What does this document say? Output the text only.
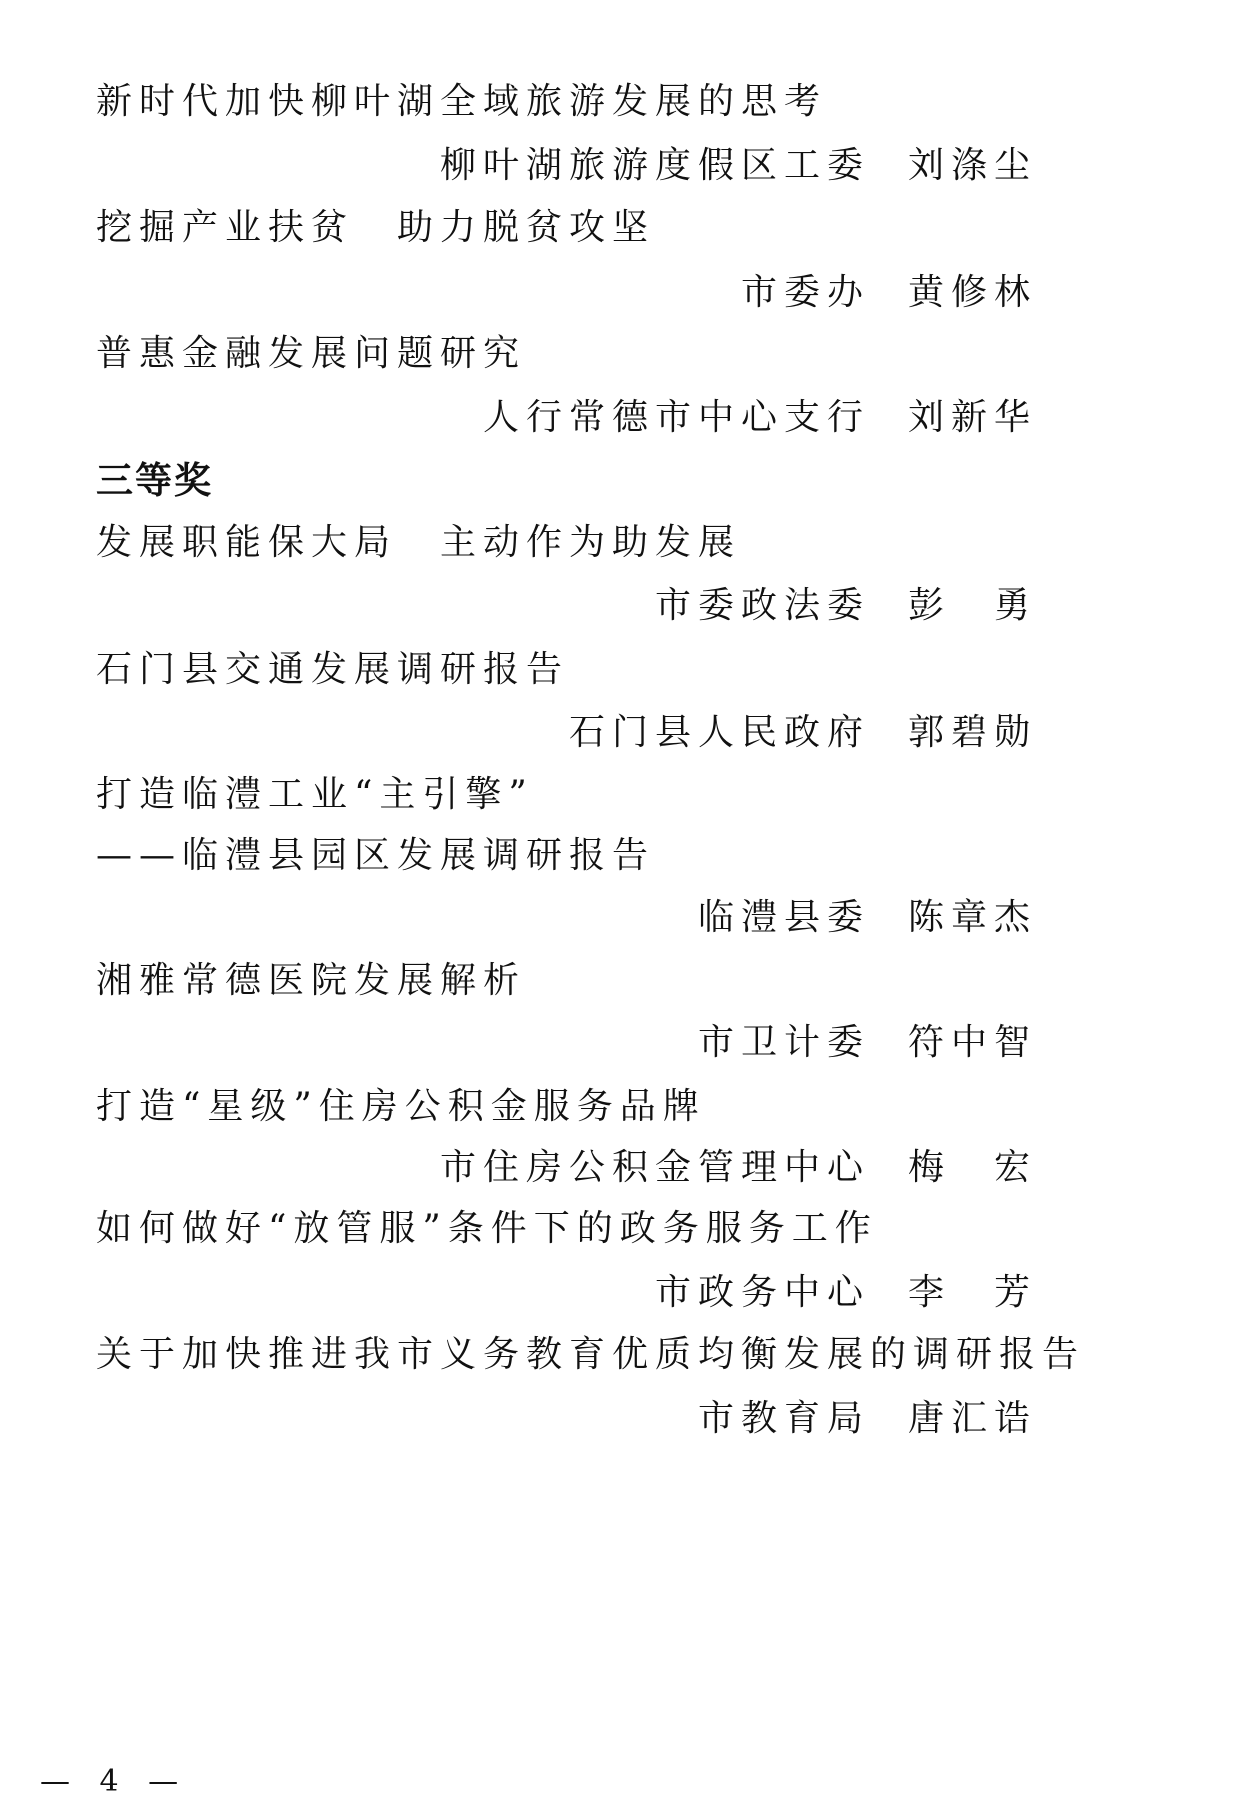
新时代加快柳叶湖全域旅游发展的思考
柳叶湖旅游度假区工委 刘涤尘
挖掘产业扶贫　助力脱贫攻坚
市委办 黄修林
普惠金融发展问题研究
人行常德市中心支行 刘新华
三等奖
发展职能保大局　主动作为助发展
市委政法委 彭　勇
石门县交通发展调研报告
石门县人民政府 郭碧勋
打造临澧工业“主引擎”
——临澧县园区发展调研报告
临澧县委 陈章杰
湘雅常德医院发展解析
市卫计委 符中智
打造“星级”住房公积金服务品牌
市住房公积金管理中心 梅　宏
如何做好“放管服”条件下的政务服务工作
市政务中心 李　芳
关于加快推进我市义务教育优质均衡发展的调研报告
市教育局 唐汇诰
— 4 —
